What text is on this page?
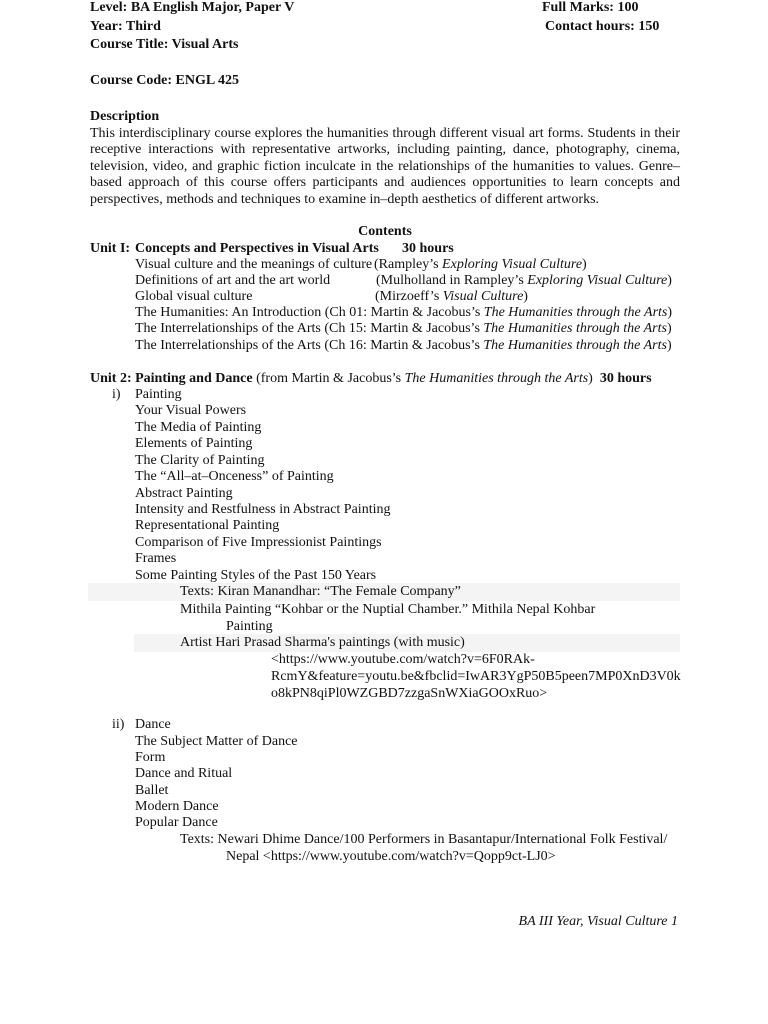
Level: BA English Major, Paper V
Year: Third
Course Title: Visual Arts
Full Marks: 100
Contact hours: 150
Course Code: ENGL 425
Description
This interdisciplinary course explores the humanities through different visual art forms. Students in their receptive interactions with representative artworks, including painting, dance, photography, cinema, television, video, and graphic fiction inculcate in the relationships of the humanities to values. Genre–based approach of this course offers participants and audiences opportunities to learn concepts and perspectives, methods and techniques to examine in–depth aesthetics of different artworks.
Contents
Unit I: Concepts and Perspectives in Visual Arts 30 hours
Visual culture and the meanings of culture (Rampley’s Exploring Visual Culture)
Definitions of art and the art world	(Mulholland in Rampley’s Exploring Visual Culture)
Global visual culture	(Mirzoeff’s Visual Culture)
The Humanities: An Introduction (Ch 01: Martin & Jacobus’s The Humanities through the Arts)
The Interrelationships of the Arts (Ch 15: Martin & Jacobus’s The Humanities through the Arts)
The Interrelationships of the Arts (Ch 16: Martin & Jacobus’s The Humanities through the Arts)
Unit 2: Painting and Dance (from Martin & Jacobus’s The Humanities through the Arts) 30 hours
i) Painting
Your Visual Powers
The Media of Painting
Elements of Painting
The Clarity of Painting
The “All–at–Onceness” of Painting
Abstract Painting
Intensity and Restfulness in Abstract Painting
Representational Painting
Comparison of Five Impressionist Paintings
Frames
Some Painting Styles of the Past 150 Years
Texts: Kiran Manandhar: “The Female Company”
Mithila Painting “Kohbar or the Nuptial Chamber.” Mithila Nepal Kohbar
Painting
Artist Hari Prasad Sharma's paintings (with music)
<https://www.youtube.com/watch?v=6F0RAk-
RcmY&feature=youtu.be&fbclid=IwAR3YgP50B5peen7MP0XnD3V0k
o8kPN8qiPl0WZGBD7zzgaSnWXiaGOOxRuo>
ii) Dance
The Subject Matter of Dance
Form
Dance and Ritual
Ballet
Modern Dance
Popular Dance
Texts: Newari Dhime Dance/100 Performers in Basantapur/International Folk Festival/
Nepal <https://www.youtube.com/watch?v=Qopp9ct-LJ0>
BA III Year, Visual Culture 1
